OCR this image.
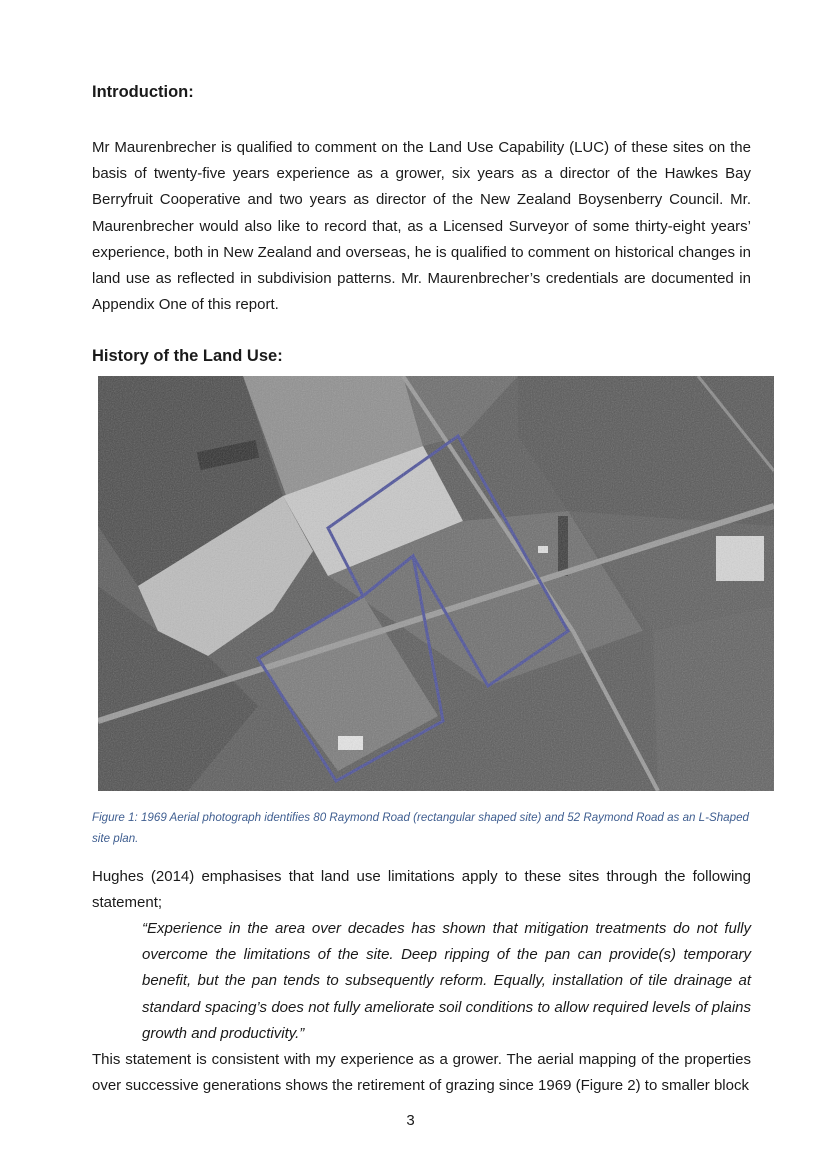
Introduction:

Mr Maurenbrecher is qualified to comment on the Land Use Capability (LUC) of these sites on the basis of twenty-five years experience as a grower, six years as a director of the Hawkes Bay Berryfruit Cooperative and two years as director of the New Zealand Boysenberry Council. Mr. Maurenbrecher would also like to record that, as a Licensed Surveyor of some thirty-eight years’ experience, both in New Zealand and overseas, he is qualified to comment on historical changes in land use as reflected in subdivision patterns. Mr. Maurenbrecher’s credentials are documented in Appendix One of this report.

History of the Land Use:

Figure 1: 1969 Aerial photograph identifies 80 Raymond Road (rectangular shaped site) and 52 Raymond Road as an L-Shaped site plan.

Hughes (2014) emphasises that land use limitations apply to these sites through the following statement;

“Experience in the area over decades has shown that mitigation treatments do not fully overcome the limitations of the site. Deep ripping of the pan can provide(s) temporary benefit, but the pan tends to subsequently reform. Equally, installation of tile drainage at standard spacing’s does not fully ameliorate soil conditions to allow required levels of plains growth and productivity.”

This statement is consistent with my experience as a grower. The aerial mapping of the properties over successive generations shows the retirement of grazing since 1969 (Figure 2) to smaller block

3
